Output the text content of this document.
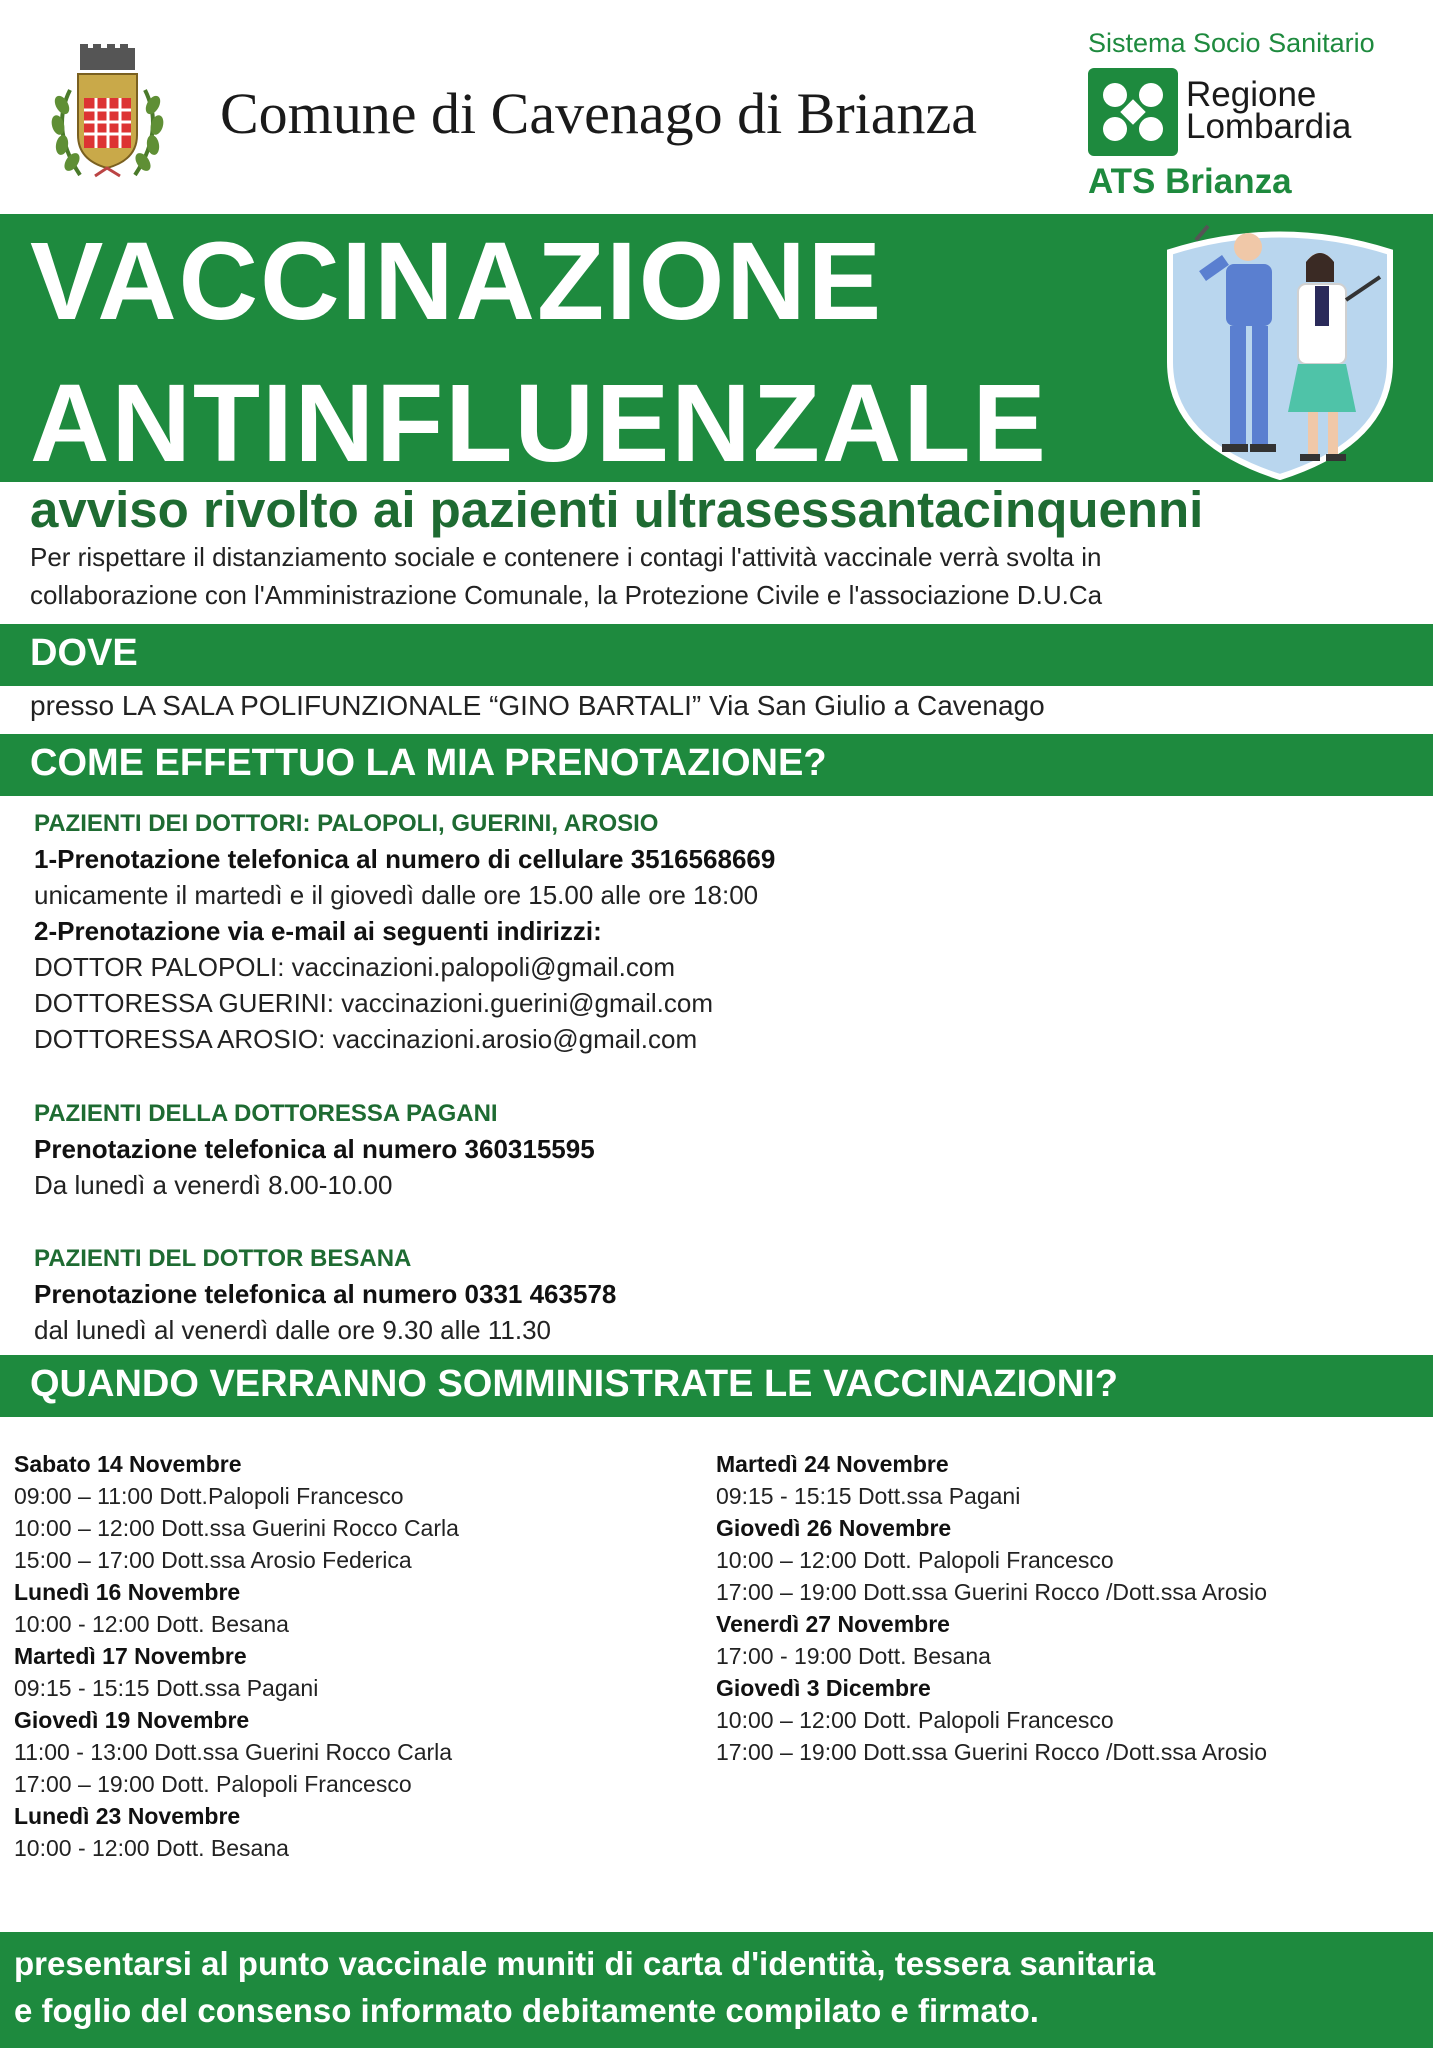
Comune di Cavenago di Brianza
Sistema Socio Sanitario
Regione
Lombardia
ATS Brianza
VACCINAZIONE
ANTINFLUENZALE
avviso rivolto ai pazienti ultrasessantacinquenni
Per rispettare il distanziamento sociale e contenere i contagi l'attività vaccinale verrà svolta in
collaborazione con l'Amministrazione Comunale, la Protezione Civile e l'associazione D.U.Ca
DOVE
presso LA SALA POLIFUNZIONALE “GINO BARTALI” Via San Giulio a Cavenago
COME EFFETTUO LA MIA PRENOTAZIONE?
PAZIENTI DEI DOTTORI: PALOPOLI, GUERINI, AROSIO
1-Prenotazione telefonica al numero di cellulare 3516568669
unicamente il martedì e il giovedì dalle ore 15.00 alle ore 18:00
2-Prenotazione via e-mail ai seguenti indirizzi:
DOTTOR PALOPOLI: vaccinazioni.palopoli@gmail.com
DOTTORESSA GUERINI: vaccinazioni.guerini@gmail.com
DOTTORESSA AROSIO: vaccinazioni.arosio@gmail.com
PAZIENTI DELLA DOTTORESSA PAGANI
Prenotazione telefonica al numero 360315595
Da lunedì a venerdì 8.00-10.00
PAZIENTI DEL DOTTOR BESANA
Prenotazione telefonica al numero 0331 463578
dal lunedì al venerdì dalle ore 9.30 alle 11.30
QUANDO VERRANNO SOMMINISTRATE LE VACCINAZIONI?
Sabato 14 Novembre
09:00 – 11:00 Dott.Palopoli Francesco
10:00 – 12:00 Dott.ssa Guerini Rocco Carla
15:00 – 17:00 Dott.ssa Arosio Federica
Lunedì 16 Novembre
10:00 - 12:00 Dott. Besana
Martedì 17 Novembre
09:15 - 15:15 Dott.ssa Pagani
Giovedì 19 Novembre
11:00 - 13:00 Dott.ssa Guerini Rocco Carla
17:00 – 19:00 Dott. Palopoli Francesco
Lunedì 23 Novembre
10:00 - 12:00 Dott. Besana
Martedì 24 Novembre
09:15 - 15:15 Dott.ssa Pagani
Giovedì 26 Novembre
10:00 – 12:00 Dott. Palopoli Francesco
17:00 – 19:00 Dott.ssa Guerini Rocco /Dott.ssa Arosio
Venerdì 27 Novembre
17:00 - 19:00 Dott. Besana
Giovedì 3 Dicembre
10:00 – 12:00 Dott. Palopoli Francesco
17:00 – 19:00 Dott.ssa Guerini Rocco /Dott.ssa Arosio
presentarsi al punto vaccinale muniti di carta d'identità, tessera sanitaria
e foglio del consenso informato debitamente compilato e firmato.
